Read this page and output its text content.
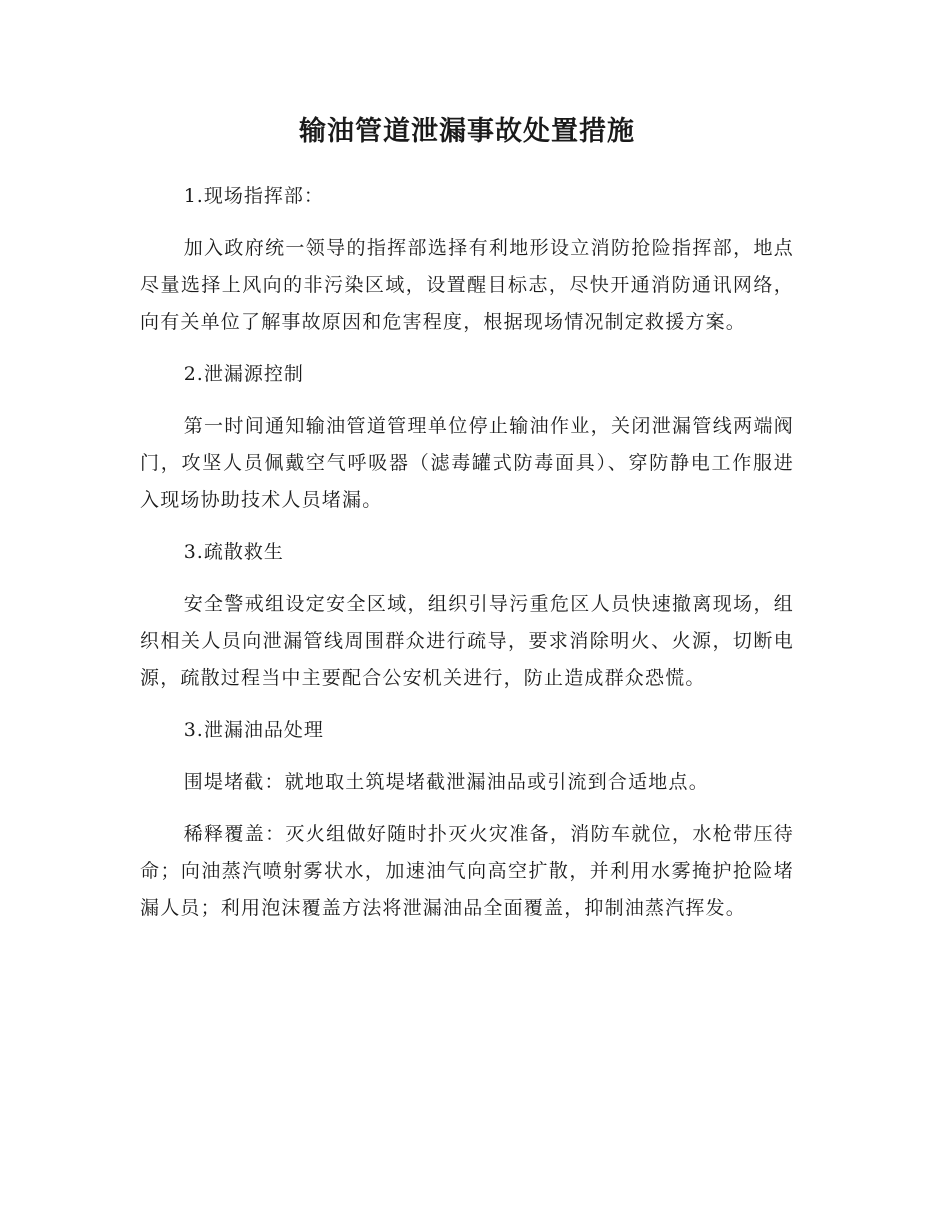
输油管道泄漏事故处置措施

1.现场指挥部：

加入政府统一领导的指挥部选择有利地形设立消防抢险指挥部，地点尽量选择上风向的非污染区域，设置醒目标志，尽快开通消防通讯网络，向有关单位了解事故原因和危害程度，根据现场情况制定救援方案。

2.泄漏源控制

第一时间通知输油管道管理单位停止输油作业，关闭泄漏管线两端阀门，攻坚人员佩戴空气呼吸器（滤毒罐式防毒面具）、穿防静电工作服进入现场协助技术人员堵漏。

3.疏散救生

安全警戒组设定安全区域，组织引导污重危区人员快速撤离现场，组织相关人员向泄漏管线周围群众进行疏导，要求消除明火、火源，切断电源，疏散过程当中主要配合公安机关进行，防止造成群众恐慌。

3.泄漏油品处理

围堤堵截：就地取土筑堤堵截泄漏油品或引流到合适地点。

稀释覆盖：灭火组做好随时扑灭火灾准备，消防车就位，水枪带压待命；向油蒸汽喷射雾状水，加速油气向高空扩散，并利用水雾掩护抢险堵漏人员；利用泡沫覆盖方法将泄漏油品全面覆盖，抑制油蒸汽挥发。
